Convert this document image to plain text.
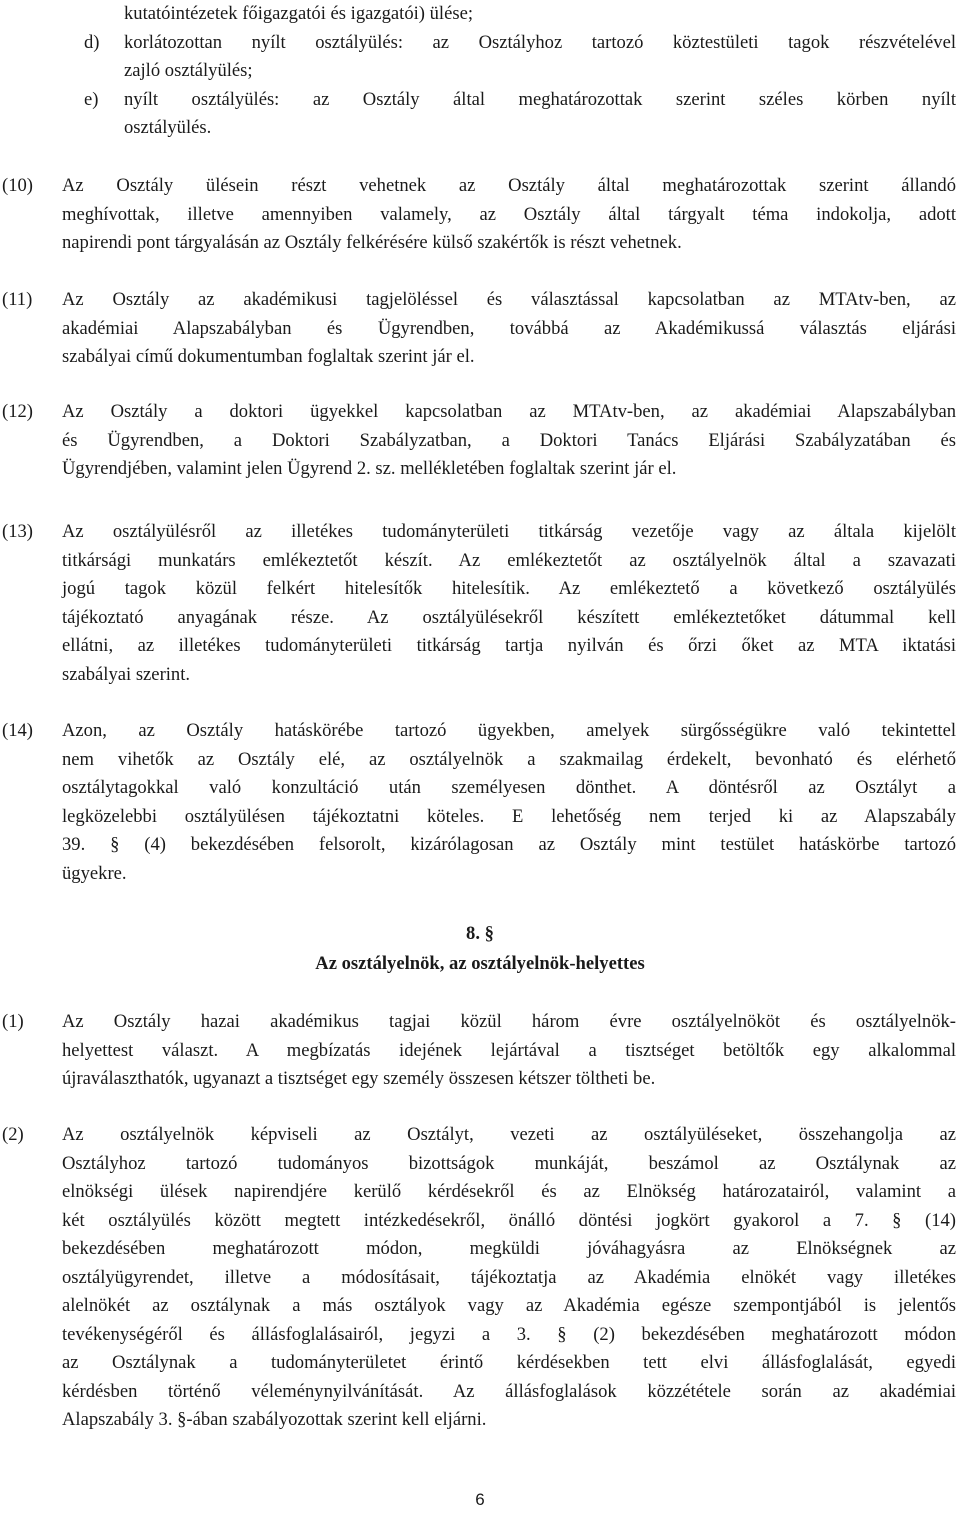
kutatóintézetek főigazgatói és igazgatói) ülése;
d) korlátozottan nyílt osztályülés: az Osztályhoz tartozó köztestületi tagok részvételével
zajló osztályülés;
e) nyílt osztályülés: az Osztály által meghatározottak szerint széles körben nyílt
osztályülés.
(10) Az Osztály ülésein részt vehetnek az Osztály által meghatározottak szerint állandó
meghívottak, illetve amennyiben valamely, az Osztály által tárgyalt téma indokolja, adott
napirendi pont tárgyalásán az Osztály felkérésére külső szakértők is részt vehetnek.
(11) Az Osztály az akadémikusi tagjelöléssel és választással kapcsolatban az MTAtv-ben, az
akadémiai Alapszabályban és Ügyrendben, továbbá az Akadémikussá választás eljárási
szabályai című dokumentumban foglaltak szerint jár el.
(12) Az Osztály a doktori ügyekkel kapcsolatban az MTAtv-ben, az akadémiai Alapszabályban
és Ügyrendben, a Doktori Szabályzatban, a Doktori Tanács Eljárási Szabályzatában és
Ügyrendjében, valamint jelen Ügyrend 2. sz. mellékletében foglaltak szerint jár el.
(13) Az osztályülésről az illetékes tudományterületi titkárság vezetője vagy az általa kijelölt
titkársági munkatárs emlékeztetőt készít. Az emlékeztetőt az osztályelnök által a szavazati
jogú tagok közül felkért hitelesítők hitelesítik. Az emlékeztető a következő osztályülés
tájékoztató anyagának része. Az osztályülésekről készített emlékeztetőket dátummal kell
ellátni, az illetékes tudományterületi titkárság tartja nyilván és őrzi őket az MTA iktatási
szabályai szerint.
(14) Azon, az Osztály hatáskörébe tartozó ügyekben, amelyek sürgősségükre való tekintettel
nem vihetők az Osztály elé, az osztályelnök a szakmailag érdekelt, bevonható és elérhető
osztálytagokkal való konzultáció után személyesen dönthet. A döntésről az Osztályt a
legközelebbi osztályülésen tájékoztatni köteles. E lehetőség nem terjed ki az Alapszabály
39. § (4) bekezdésében felsorolt, kizárólagosan az Osztály mint testület hatáskörbe tartozó
ügyekre.
8. §
Az osztályelnök, az osztályelnök-helyettes
(1) Az Osztály hazai akadémikus tagjai közül három évre osztályelnököt és osztályelnök-
helyettest választ. A megbízatás idejének lejártával a tisztséget betöltők egy alkalommal
újraválaszthatók, ugyanazt a tisztséget egy személy összesen kétszer töltheti be.
(2) Az osztályelnök képviseli az Osztályt, vezeti az osztályüléseket, összehangolja az
Osztályhoz tartozó tudományos bizottságok munkáját, beszámol az Osztálynak az
elnökségi ülések napirendjére kerülő kérdésekről és az Elnökség határozatairól, valamint a
két osztályülés között megtett intézkedésekről, önálló döntési jogkört gyakorol a 7. § (14)
bekezdésében meghatározott módon, megküldi jóváhagyásra az Elnökségnek az
osztályügyrendet, illetve a módosításait, tájékoztatja az Akadémia elnökét vagy illetékes
alelnökét az osztálynak a más osztályok vagy az Akadémia egésze szempontjából is jelentős
tevékenységéről és állásfoglalásairól, jegyzi a 3. § (2) bekezdésében meghatározott módon
az Osztálynak a tudományterületet érintő kérdésekben tett elvi állásfoglalását, egyedi
kérdésben történő véleménynyilvánítását. Az állásfoglalások közzététele során az akadémiai
Alapszabály 3. §-ában szabályozottak szerint kell eljárni.
6
